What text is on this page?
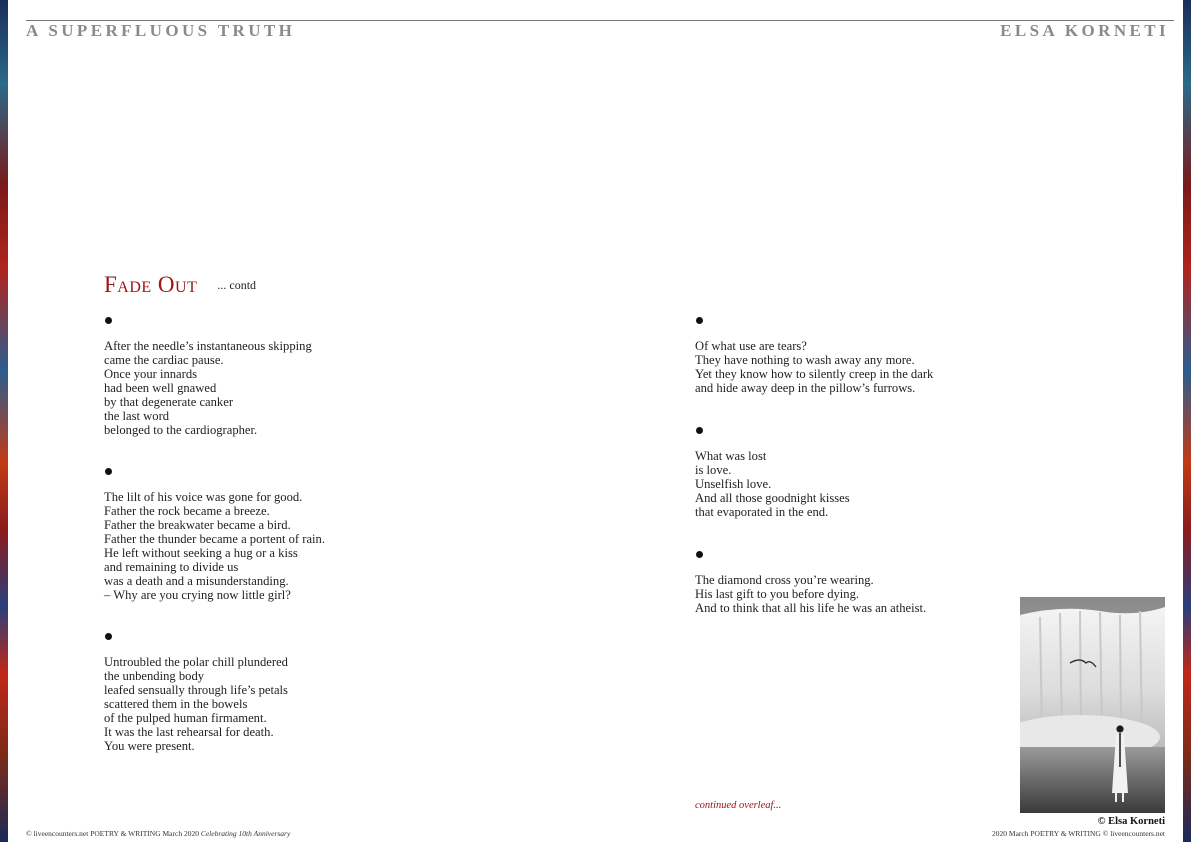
A SUPERFLUOUS TRUTH	ELSA KORNETI
Fade Out ... contd
After the needle’s instantaneous skipping
came the cardiac pause.
Once your innards
had been well gnawed
by that degenerate canker
the last word
belonged to the cardiographer.
The lilt of his voice was gone for good.
Father the rock became a breeze.
Father the breakwater became a bird.
Father the thunder became a portent of rain.
He left without seeking a hug or a kiss
and remaining to divide us
was a death and a misunderstanding.
– Why are you crying now little girl?
Untroubled the polar chill plundered
the unbending body
leafed sensually through life’s petals
scattered them in the bowels
of the pulped human firmament.
It was the last rehearsal for death.
You were present.
Of what use are tears?
They have nothing to wash away any more.
Yet they know how to silently creep in the dark
and hide away deep in the pillow’s furrows.
What was lost
is love.
Unselfish love.
And all those goodnight kisses
that evaporated in the end.
The diamond cross you’re wearing.
His last gift to you before dying.
And to think that all his life he was an atheist.
continued overleaf...
© Elsa Korneti
© liveencounters.net POETRY & WRITING March 2020 Celebrating 10th Anniversary	2020 March POETRY & WRITING © liveencounters.net
